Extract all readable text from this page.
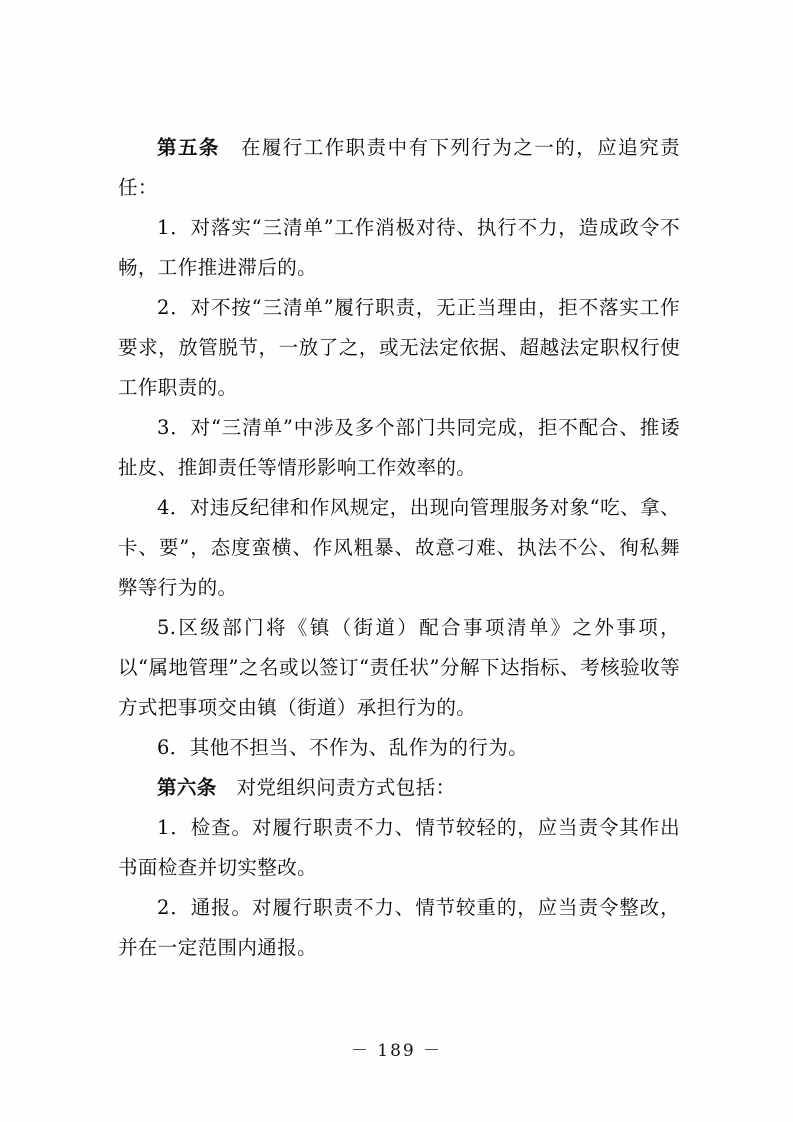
第五条　在履行工作职责中有下列行为之一的，应追究责任：

1．对落实“三清单”工作消极对待、执行不力，造成政令不畅，工作推进滞后的。

2．对不按“三清单”履行职责，无正当理由，拒不落实工作要求，放管脱节，一放了之，或无法定依据、超越法定职权行使工作职责的。

3．对“三清单”中涉及多个部门共同完成，拒不配合、推诿扯皮、推卸责任等情形影响工作效率的。

4．对违反纪律和作风规定，出现向管理服务对象“吃、拿、卡、要”，态度蛮横、作风粗暴、故意刁难、执法不公、徇私舞弊等行为的。

5.区级部门将《镇（街道）配合事项清单》之外事项，以“属地管理”之名或以签订“责任状”分解下达指标、考核验收等方式把事项交由镇（街道）承担行为的。

6．其他不担当、不作为、乱作为的行为。

第六条　对党组织问责方式包括：

1．检查。对履行职责不力、情节较轻的，应当责令其作出书面检查并切实整改。

2．通报。对履行职责不力、情节较重的，应当责令整改，并在一定范围内通报。

－ 189 －
